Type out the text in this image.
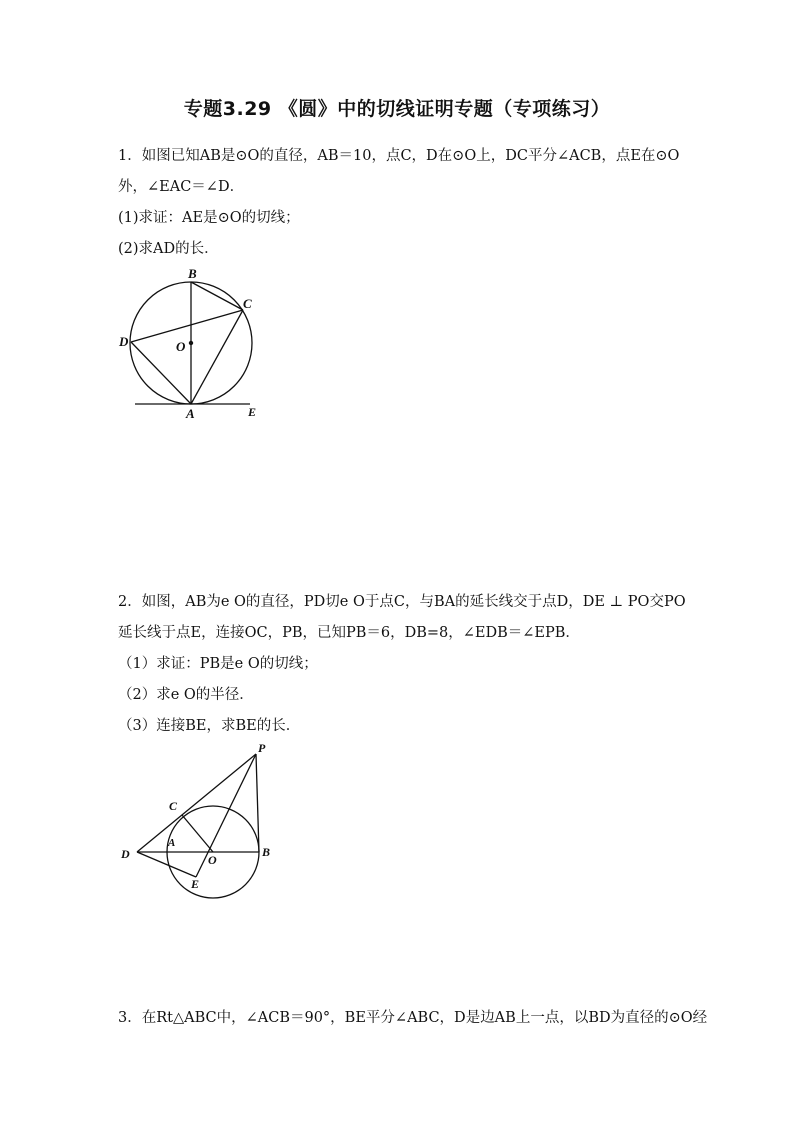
专题3.29 《圆》中的切线证明专题（专项练习）
1．如图已知AB是⊙O的直径，AB＝10，点C，D在⊙O上，DC平分∠ACB，点E在⊙O
外，∠EAC＝∠D．
(1)求证：AE是⊙O的切线；
(2)求AD的长．
B
C
D	O
A	E
2．如图，AB为e O的直径，PD切e O于点C，与BA的延长线交于点D，DE ⊥ PO交PO
延长线于点E，连接OC，PB，已知PB＝6，DB=8，∠EDB＝∠EPB．
（1）求证：PB是e O的切线；
（2）求e O的半径．
（3）连接BE，求BE的长．
P
C
A
D	O
B
E
3．在Rt△ABC中，∠ACB＝90°，BE平分∠ABC，D是边AB上一点，以BD为直径的⊙O经
